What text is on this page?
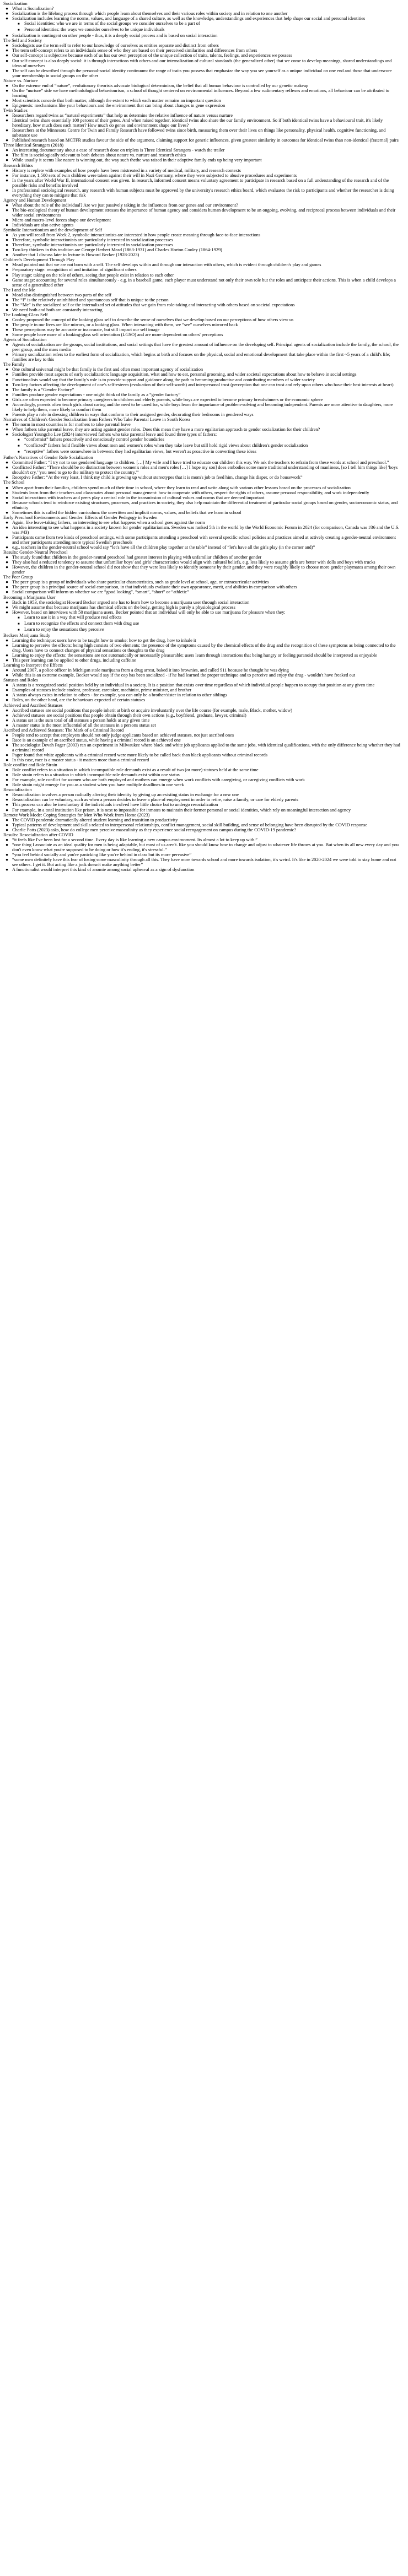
Socialization
● What is Socialization?
● Socialization is the lifelong process through which people learn about themselves and their various roles within society and in relation to one another
● Socialization includes learning the norms, values, and language of a shared culture, as well as the knowledge, understandings and experiences that help shape our social and personal identities
■ Social identities: who we are in terms of the social groups we consider ourselves to be a part of
■ Personal identities: the ways we consider ourselves to be unique individuals
● Socialization is contingent on other people - thus, it is a deeply social process and is based on social interaction
The Self and Society
● Sociologists use the term self to refer to our knowledge of ourselves as entities separate and distinct from others
● The term self-concept refers to an individuals sense of who they are based on their perceived similarities and differences from others
● Our self-concept is subjective because each of us has our own perception of the unique collection of traits, talents, feelings, and experiences we possess
● Our self-concept is also deeply social: it is through interactions with others and our internalization of cultural standards (the generalized other) that we come to develop meanings, shared understandings and ideas of ourselves
● The self can be described through the personal-social identity continuum: the range of traits you possess that emphasize the way you see yourself as a unique individual on one end and those that underscore your membership in social groups on the other
Nature vs. Nurture
● On the extreme end of “nature”, evolutionary theorists advocate biological determinism, the belief that all human behaviour is controlled by our genetic makeup
● On the “nurture” side we have methodological behaviourism, a school of thought centered on environmental influences. Beyond a few rudimentary reflexes and emotions, all behaviour can be attributed to learning
● Most scientists concede that both matter, although the extent to which each matter remains an important question
● Epigenesis: mechanisms like your behaviours and the environment that can bring about changes in gene expression
Twin Studies
● Researchers regard twins as “natural experiments” that help us determine the relative influence of nature versus nurture
● Identical twins share essentially 100 percent of their genes. And when raised together, identical twins also share the our family environment. So if both identical twins have a behavioural trait, it's likely hereditary, how much does each matter? How much do genes and environment shape our lives?
● Researchers at the Minnesota Centre for Twin and Family Research have followed twins since birth, measuring them over their lives on things like personality, physical health, cognitive functioning, and substance use
● Published research based on MCTFR studies favour the side of the argument, claiming support for genetic influences, given greatest similarity in outcomes for identical twins than non-identical (fraternal) pairs
Three Identical Strangers (2018)
● An interesting documentary about a case of research done on triplets is Three Identical Strangers - watch the trailer
● The film is sociologically relevant to both debates about nature vs. nurture and research ethics
● While usually it seems like nature is winning out, the way such thethe was raised in their adoptive family ends up being very important
Research Ethics
● History is replete with examples of how people have been mistreated in a variety of medical, military, and research contexts
● For instance, 1,500 sets of twin children were taken against their will in Nazi Germany, where they were subjected to abusive procedures and experiments
● In the years after World War II, international consent was given. In research, informed consent means voluntary agreement to participate in research based on a full understanding of the research and of the possible risks and benefits involved
● In professional sociological research, any research with human subjects must be approved by the university's research ethics board, which evaluates the risk to participants and whether the researcher is doing everything they can to mitigate that risk
Agency and Human Development
● What about the role of the individual? Are we just passively taking in the influences from our genes and our environment?
● The bio-ecological theory of human development stresses the importance of human agency and considers human development to be an ongoing, evolving, and reciprocal process between individuals and their wider social environments
● Micro and macro-level forces shape our development
● Individuals are also active agents
Symbolic Interactionism and the development of Self
● As you will recall from Week 2, symbolic interactionists are interested in how people create meaning through face-to-face interactions
● Therefore, symbolic interactionists are particularly interested in socialization processes
● Therefore, symbolic interactionists are particularly interested in socialization processes
● Two key thinkers in this tradition are George Herbert Mead (1863-1931) and Charles Horton Cooley (1864-1929)
● Another that I discuss later in lecture is Howard Becker (1928-2023)
Children's Development Through Play
● Mead pointed out that we are not born with a self. The self develops within and through our interaction with others, which is evident through children's play and games
● Preparatory stage: recognition of and imitation of significant others
● Play stage: taking on the role of others, seeing that people exist in relation to each other
● Game stage: accounting for several roles simultaneously - e.g. in a baseball game, each player must understand not only their own role but the roles and anticipate their actions. This is when a child develops a sense of a generalized other
The I and the Me
● Mead also distinguished between two parts of the self
● The “I” is the relatively uninhibited and spontaneous self that is unique to the person
● The “Me” is the socialized self or the internalized set of attitudes that we gain from role-taking and interacting with others based on societal expectations
● We need both and both are constantly interacting
The Looking-Glass Self
● Cooley proposed the concept of the looking glass self to describe the sense of ourselves that we develop based on our perceptions of how others view us
● The people in our lives are like mirrors, or a looking glass. When interacting with them, we “see” ourselves mirrored back
● These perceptions may be accurate or inaccurate, but still impact our self image
● Some people have more of a looking-glass self orientation (LGSO) and are more dependent on others' perceptions
Agents of Socialization
● Agents of socialization are the groups, social institutions, and social settings that have the greatest amount of influence on the developing self. Principal agents of socialization include the family, the school, the peer group, and the mass media
● Primary socialization refers to the earliest form of socialization, which begins at birth and focuses on the physical, social and emotional development that take place within the first ~5 years of a child's life; families are key to this
The Family
● One cultural universal might be that family is the first and often most important agency of socialization
● Families provide most aspects of early socialization: language acquisition, what and how to eat, personal grooming, and wider societal expectations about how to behave in social settings
● Functionalists would say that the family's role is to provide support and guidance along the path to becoming productive and contributing members of wider society
● Two key factors affecting the development of one's self-esteem (evaluation of their self-worth) and interpersonal trust (perception that one can trust and rely upon others who have their best interests at heart)
● The family is a “Gender Factory”
● Families produce gender expectations - one might think of the family as a “gender factory”
● Girls are often expected to become primary caregivers to children and elderly parents, while boys are expected to become primary breadwinners or the economic sphere
● Accordingly, parents often teach girls about caring and the need to be cared for, while boys learn the importance of problem-solving and becoming independent. Parents are more attentive to daughters, more likely to help them, more likely to comfort them
● Parents play a role in dressing children in ways that conform to their assigned gender, decorating their bedrooms in gendered ways
Narratives of Children's Gender Socialization from Fathers Who Take Parental Leave in South Korea
● The norm in most countries is for mothers to take parental leave
● When fathers take parental leave, they are acting against gender roles. Does this mean they have a more egalitarian approach to gender socialization for their children?
● Sociologist Youngcho Lee (2024) interviewed fathers who take parental leave and found three types of fathers:
■ “conformist” fathers proactively and consciously control gender boundaries
■ “conflicted” fathers hold flexible views about men and women's roles when they take leave but still hold rigid views about children's gender socialization
■ “receptive” fathers were somewhere in between: they had egalitarian views, but weren't as proactive in converting these ideas
Father's Narratives of Gender Role Socialization
● Committed Father: “I try not to use gendered language to children. […] My wife and I have tried to educate our children this way. We ask the teachers to refrain from these words at school and preschool.”
● Conflicted Father: “There should be no distinction between women's roles and men's roles […] I hope my son] does embodies some more traditional understanding of manliness, [so I tell him things like] 'boys shouldn't cry,' 'you need to go to the military to protect the country.'”
● Receptive Father: “At the very least, I think my child is growing up without stereotypes that it is mom's job to feed him, change his diaper, or do housework”
The School
● When apart from their families, children spend much of their time in school, where they learn to read and write along with various other lessons based on the processes of socialization
● Students learn from their teachers and classmates about personal management: how to cooperate with others, respect the rights of others, assume personal responsibility, and work independently
● Social interactions with teachers and peers play a central role in the transmission of cultural values and norms that are deemed important
● Because schools tend to reinforce existing structures, processes, and practices in society, they also help maintain the differential treatment of particular social groups based on gender, socioeconomic status, and ethnicity
● Sometimes this is called the hidden curriculum: the unwritten and implicit norms, values, and beliefs that we learn in school
Early Preschool Environments and Gender: Effects of Gender Pedagogy in Sweden
● Again, like leave-taking fathers, an interesting to see what happens when a school goes against the norm
● An idea interesting to see what happens in a society known for gender egalitarianism. Sweden was ranked 5th in the world by the World Economic Forum in 2024 (for comparison, Canada was #36 and the U.S. was #43)
● Participants came from two kinds of preschool settings, with some participants attending a preschool with several specific school policies and practices aimed at actively creating a gender-neutral environment and other participants attending more typical Swedish preschools
● e.g., teachers in the gender-neutral school would say “let's have all the children play together at the table” instead of “let's have all the girls play (in the corner and)”
Results: Gender-Neutral Preschool
● The study found that children in the gender-neutral preschool had greater interest in playing with unfamiliar children of another gender
● They also had a reduced tendency to assume that unfamiliar boys' and girls' characteristics would align with cultural beliefs, e.g. less likely to assume girls are better with dolls and boys with trucks
● However, the children in the gender-neutral school did not show that they were less likely to identify someone by their gender, and they were roughly likely to choose more gender playmates among their own gender
The Peer Group
● The peer group is a group of individuals who share particular characteristics, such as grade level at school, age, or extracurricular activities
● The peer group is a principal source of social comparison, in that individuals evaluate their own appearance, merit, and abilities in comparison with others
● Social comparison will inform us whether we are “good looking”, “smart”, “short” or “athletic”
Becoming a Marijuana User
● Back in 1953, the sociologist Howard Becker argued one has to learn how to become a marijuana user through social interaction
● We might assume that because marijuana has chemical effects on the body, getting high is purely a physiological process
● However, based on interviews with 50 marijuana users, Becker pointed that an individual will only be able to use marijuana for pleasure when they:
■ Learn to use it in a way that will produce real effects
■ Learn to recognize the effects and connect them with drug use
■ Learn to enjoy the sensations they perceive
Beckers Marijuana Study
● Learning the technique: users have to be taught how to smoke: how to get the drug, how to inhale it
● Learning to perceive the effects: being high consists of two elements: the presence of the symptoms caused by the chemical effects of the drug and the recognition of these symptoms as being connected to the drug. Users have to connect changes of physical sensations or thoughts to the drug
● Learning to enjoy the effects: the sensations are not automatically or necessarily pleasurable; users learn through interactions that being hungry or feeling paranoid should be interpreted as enjoyable
● This peer learning can be applied to other drugs, including caffeine
Learning to Interpret the Effects
● Around 2007, a police officer in Michigan stole marijuana from a drug arrest, baked it into brownies, and called 911 because he thought he was dying
● While this is an extreme example, Becker would say if the cop has been socialized - if he had learned the proper technique and to perceive and enjoy the drug - wouldn't have freaked out
Statuses and Roles
● A status is a recognized social position held by an individual in a society. It is a position that exists over time regardless of which individual people happen to occupy that position at any given time
● Examples of statuses include student, professor, caretaker, machinist, prime minister, and brother
● A status always exists in relation to others - for example, you can only be a brother/sister in relation to other siblings
● Roles, on the other hand, are the behaviours expected of certain statuses
Achieved and Ascribed Statuses
● Ascribed statuses are social positions that people inherit at birth or acquire involuntarily over the life course (for example, male, Black, mother, widow)
● Achieved statuses are social positions that people obtain through their own actions (e.g., boyfriend, graduate, lawyer, criminal)
● A status set is the sum total of all statuses a person holds at any given time
● A master status is the most influential of all the statuses in a persons status set
Ascribed and Achieved Statuses: The Mark of a Criminal Record
● People tend to accept that employers should not only judge applicants based on achieved statuses, not just ascribed ones
● Race is an example of an ascribed status, while having a criminal record is an achieved one
● The sociologist Devah Pager (2003) ran an experiment in Milwaukee where black and white job applicants applied to the same jobs, with identical qualifications, with the only difference being whether they had a criminal record
● Pager found that white applicants with a criminal record were more likely to be called back than black applicants without criminal records
● In this case, race is a master status - it matters more than a criminal record
Role conflict and Role Strain
● Role conflict refers to a situation in which incompatible role demands exist as a result of two (or more) statuses held at the same time
● Role strain refers to a situation in which incompatible role demands exist within one status
● For example, role conflict for women who are both employed and mothers can emerge when work conflicts with caregiving, or caregiving conflicts with work
● Role strain might emerge for you as a student when you have multiple deadlines in one week
Resocialization
● Resocialization involves a person radically altering their identity by giving up an existing status in exchange for a new one
● Resocialization can be voluntary, such as when a person decides to leave a place of employment in order to retire, raise a family, or care for elderly parents
● This process can also be involuntary if the individuals involved have little choice but to undergo resocialization
● For example, in a total institution like prison, it is next to impossible for inmates to maintain their former personal or social identities, which rely on meaningful interaction and agency
Remote Work Mode: Coping Strategies for Men Who Work from Home (2023)
● The COVID pandemic dramatically altered student learning and transition to productivity
● Typical patterns of development and skills related to interpersonal relationships, conflict management, social skill building, and sense of belonging have been disrupted by the COVID response
● Charlie Potts (2023) asks, how do college men perceive masculinity as they experience social reengagement on campus during the COVID-19 pandemic?
Results: Resocialization after COVID
● “it feels like I've been lost for a second time. Every day is like learning a new campus environment. Its almost a lot to keep up with.”
● “one thing I associate as an ideal quality for men is being adaptable, but most of us aren't. like you should know how to change and adjust to whatever life throws at you. But when its all new every day and you don't even know what you're supposed to be doing or how it's ending, it's stressful.”
● “you feel behind socially and you're panicking like you're behind in class but its more pervasive”
● “some men definitely have this fear of losing some masculinity through all this. They have more towards school and more towards isolation, it's weird. It's like in 2020-2024 we were told to stay home and not see others. I get it. But acting like a jock doesn't make anything better”
● A functionalist would interpret this kind of anomie among social upheaval as a sign of dysfunction
